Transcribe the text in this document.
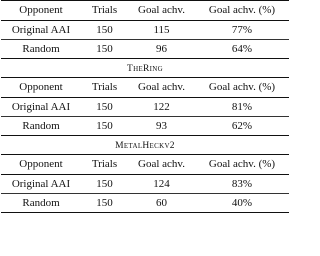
Opponent	Trials	Goal achv.	Goal achv. (%)
Original AAI	150	115	77%
Random	150	96	64%
TheRing
Opponent	Trials	Goal achv.	Goal achv. (%)
Original AAI	150	122	81%
Random	150	93	62%
MetalHeckv2
Opponent	Trials	Goal achv.	Goal achv. (%)
Original AAI	150	124	83%
Random	150	60	40%
